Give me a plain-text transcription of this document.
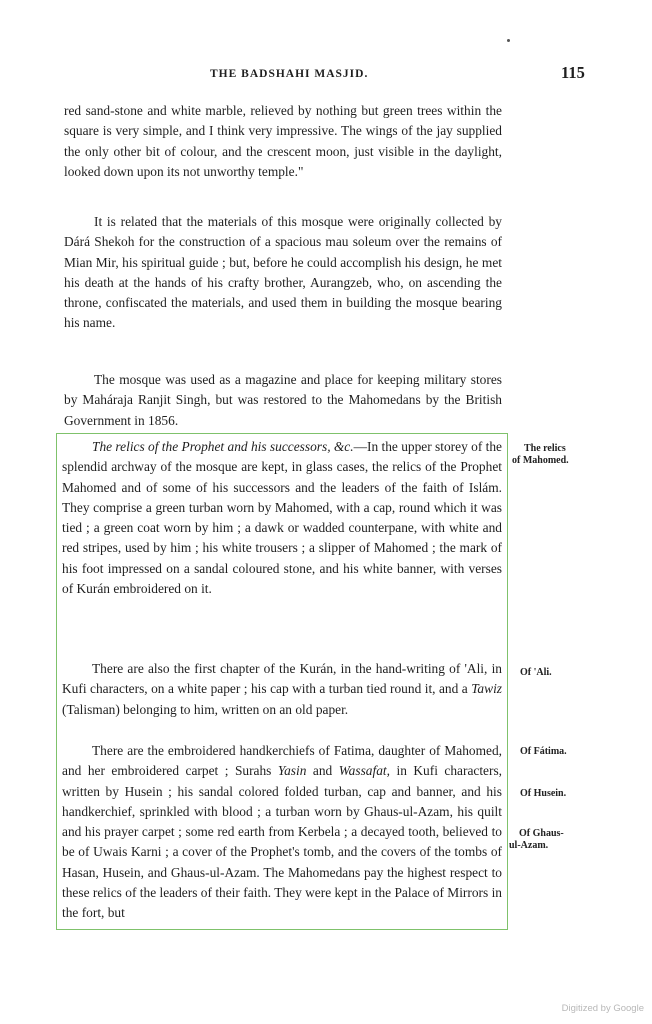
THE BADSHAHI MASJID.	115

red sand-stone and white marble, relieved by nothing but green trees within the square is very simple, and I think very impressive. The wings of the jay supplied the only other bit of colour, and the crescent moon, just visible in the daylight, looked down upon its not unworthy temple."

It is related that the materials of this mosque were originally collected by Dárá Shekoh for the construction of a spacious mau soleum over the remains of Mian Mir, his spiritual guide ; but, before he could accomplish his design, he met his death at the hands of his crafty brother, Aurangzeb, who, on ascending the throne, confiscated the materials, and used them in building the mosque bearing his name.

The mosque was used as a magazine and place for keeping military stores by Maháraja Ranjit Singh, but was restored to the Mahomedans by the British Government in 1856.

The relics of the Prophet and his successors, &c.—In the upper storey of the splendid archway of the mosque are kept, in glass cases, the relics of the Prophet Mahomed and of some of his successors and the leaders of the faith of Islám. They comprise a green turban worn by Mahomed, with a cap, round which it was tied ; a green coat worn by him ; a dawk or wadded counterpane, with white and red stripes, used by him ; his white trousers ; a slipper of Mahomed ; the mark of his foot impressed on a sandal coloured stone, and his white banner, with verses of Kurán embroidered on it.

There are also the first chapter of the Kurán, in the hand-writing of 'Ali, in Kufi characters, on a white paper ; his cap with a turban tied round it, and a Tawiz (Talisman) belonging to him, written on an old paper.

There are the embroidered handkerchiefs of Fatima, daughter of Mahomed, and her embroidered carpet ; Surahs Yasin and Wassafat, in Kufi characters, written by Husein ; his sandal colored folded turban, cap and banner, and his handkerchief, sprinkled with blood ; a turban worn by Ghaus-ul-Azam, his quilt and his prayer carpet ; some red earth from Kerbela ; a decayed tooth, believed to be of Uwais Karni ; a cover of the Prophet's tomb, and the covers of the tombs of Hasan, Husein, and Ghaus-ul-Azam. The Mahomedans pay the highest respect to these relics of the leaders of their faith. They were kept in the Palace of Mirrors in the fort, but

The relics
of Mahomed.
Of 'Ali.
Of Fátima.
Of Husein.
Of Ghaus-
ul-Azam.
Digitized by Google
